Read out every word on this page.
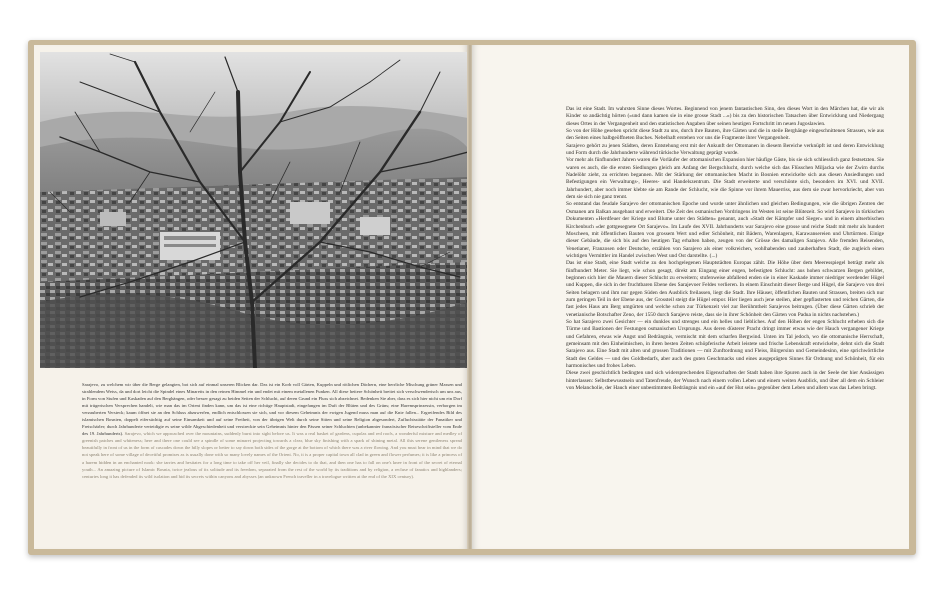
Sarajevo, zu welchem wir über die Berge gelangten, bot sich auf einmal unseren Blicken dar. Das ist ein Korb voll Gärten, Kuppeln und rötlichen Dächern, eine herrliche Mischung grüner Massen und strahlendem Weiss, da und dort leicht die Spindel eines Minaretts in den reinen Himmel ein und endet mit einem metallenen Funken. All diese heitere Schönheit breitet sich verschwenderisch um uns aus, in Form von Stufen und Kaskaden auf den Berghängen, oder besser gesagt zu beiden Seiten der Schlucht, auf deren Grund ein Fluss sich abzeichnet. Bedenken Sie aber, dass es sich hier nicht um ein Dorf mit trügerischen Versprechen handelt, wie man das im Orient finden kann, um das ist eine richtige Hauptstadt, eingefangen im Duft der Blüten und des Grüns; eine Haremsprinzessin, verborgen im verzauberten Versteck; kaum öffnet sie an den Schluss abzuwerfen, endlich entschlossen sie sich, und vor diesem Geheimnis der ewigen Jugend muss man auf die Knie fallen... Ergreifendes Bild des islamischen Bosnien, doppelt eifersüchtig auf seine Einsamkeit und auf seine Freiheit, von der übrigen Welt durch seine Sitten und seine Religion abgesondert, Zufluchtsstätte der Fanatiker und Freischärler; durch Jahrhunderte verteidigte es seine wilde Abgeschiedenheit und verstreckte sein Geheimnis hinter den Pässen seiner Schluchten (unbekannter französischer Reiseschriftsteller vom Ende des 19. Jahrhunderts). Sarajevo, which we approached over the mountains, suddenly burst into sight before us. It was a real basket of gardens, cupolas and red roofs, a wonderful mixture and medley of greenish patches and whiteness; here and there one could see a spindle of some minaret projecting towards a clear, blue sky finishing with a spark of shining metal. All this serene gentleness spread beautifully in front of us in the form of cascades down the hilly slopes or better to say down both sides of the gorge at the bottom of which there was a river flowing. And you must bear in mind that we do not speak here of some village of deceitful promises as is usually done with so many lovely names of the Orient. No, it is a proper capital town all clad in green and flower perfumes; it is like a princess of a harem hidden in an enchanted nook: she tarries and hesitates for a long time to take off her veil, finally she decides to do that, and then one has to fall on one's knee in front of the secret of eternal youth... An amazing picture of Islamic Bosnia, twice jealous of its solitude and its freedom, separated from the rest of the world by its traditions and by religion, a recluse of fanatics and highlanders; centuries long it has defended its wild isolation and hid its secrets within canyons and abysses (an unknown French traveller in a travelogue written at the end of the XIX century).

Das ist eine Stadt. Im wahrsten Sinne dieses Wortes. Beginnend von jenem fantastischen Sinn, den dieses Wort in den Märchen hat, die wir als Kinder so andächtig hörten (»und dann kamen sie in eine grosse Stadt ...«) bis zu den historischen Tatsachen über Entwicklung und Niedergang dieses Ortes in der Vergangenheit und den statistischen Angaben über seinen heutigen Fortschritt im neuen Jugoslawien.

So von der Höhe gesehen spricht diese Stadt zu uns, durch ihre Bauten, ihre Gärten und die in steile Berghänge eingeschnittenen Strassen, wie aus den Seiten eines halbgeöffneten Buches. Nebelhaft erstehen vor uns die Fragmente ihrer Vergangenheit.

Sarajevo gehört zu jenen Städten, deren Entstehung erst mit der Ankunft der Ottomanen in diesem Bereiche verknüpft ist und deren Entwicklung und Form durch die Jahrhunderte während türkische Verwaltung geprägt wurde.

Vor mehr als fünfhundert Jahren waren die Vorläufer der ottomanischen Expansion hier häufige Gäste, bis sie sich schliesslich ganz festsetzten. Sie waren es auch, die die ersten Siedlungen gleich am Anfang der Bergschlucht, durch welche sich das Flüsschen Miljacka wie der Zwirn durchs Nadelöhr zieht, zu errichten begannen. Mit der Stärkung der ottomanischen Macht in Bosnien entwickelte sich aus diesen Ansiedlungen und Befestigungen ein Verwaltungs-, Heeres- und Handelszentrum. Die Stadt erweiterte und verschönte sich, besonders im XVI. und XVII. Jahrhundert, aber noch immer klebte sie am Rande der Schlucht, wie die Spinne vor ihrem Mauerriss, aus dem sie zwar hervorkriecht, aber von dem sie sich nie ganz trennt.

So entstand das feudale Sarajevo der ottomanischen Epoche und wurde unter ähnlichen und gleichen Bedingungen, wie die übrigen Zentren der Osmanen am Balkan ausgebaut und erweitert. Die Zeit des osmanischen Vordringens im Westen ist seine Blütezeit. So wird Sarajevo in türkischen Dokumenten »Herdfeuer der Kriege und Blume unter den Städten« genannt, auch »Stadt der Kämpfer und Sieger« und in einem altserbischen Kirchenbuch »der gottgesegnete Ort Sarajevo«. Im Laufe des XVII. Jahrhunderts war Sarajevo eine grosse und reiche Stadt mit mehr als hundert Moscheen, mit öffentlichen Bauten von grossem Wert und edler Schönheit, mit Bädern, Warenlagern, Karawansereien und Uhrtürmen. Einige dieser Gebäude, die sich bis auf den heutigen Tag erhalten haben, zeugen von der Grösse des damaligen Sarajevo. Alle fremden Reisenden, Venetianer, Franzosen oder Deutsche, erzählen von Sarajevo als einer volkreichen, wohlhabenden und zauberhaften Stadt, die zugleich einen wichtigen Vermittler im Handel zwischen West und Ost darstellte. (...)

Das ist eine Stadt, eine Stadt welche zu den hochgelegenen Hauptstädten Europas zählt. Die Höhe über dem Meeresspiegel beträgt mehr als fünfhundert Meter. Sie liegt, wie schon gesagt, direkt am Eingang einer engen, befestigten Schlucht: aus hohen schwarzen Bergen gebildet, beginnen sich hier die Mauern dieser Schlucht zu erweitern; stufenweise abfallend enden sie in einer Kaskade immer niedriger werdender Hügel und Kuppen, die sich in der fruchtbaren Ebene des Sarajevoer Feldes verlieren. In einem Einschnitt dieser Berge und Hügel, die Sarajevo von drei Seiten belagern und ihm nur gegen Süden den Ausblick freilassen, liegt die Stadt. Ihre Häuser, öffentlichen Bauten und Strassen, breiten sich nur zum geringen Teil in der Ebene aus, der Grossteil steigt die Hügel empor. Hier liegen auch jene steilen, aber gepflasterten und reichen Gärten, die fast jedes Haus am Berg umgürten und welche schon zur Türkenzeit viel zur Berühmtheit Sarajevos beitrugen. (Über diese Gärten schrieb der venetianische Botschafter Zeno, der 1550 durch Sarajevo reiste, dass sie in ihrer Schönheit den Gärten von Padua in nichts nachstehen.)

So hat Sarajevo zwei Gesichter — ein dunkles und strenges und ein helles und liebliches. Auf den Höhen der engen Schlucht erheben sich die Türme und Bastionen der Festungen osmanischen Ursprungs. Aus deren düsterer Pracht dringt immer etwas wie der Hauch vergangener Kriege und Gefahren, etwas wie Angst und Bedrängnis, vermischt mit dem scharfen Bergwind. Unten im Tal jedoch, wo die ottomanische Herrschaft, gemeinsam mit den Einheimischen, in ihren besten Zeiten schöpferische Arbeit leistete und frische Lebenskraft entwickelte, dehnt sich die Stadt Sarajevo aus. Eine Stadt mit alten und grossen Traditionen — mit Zunftordnung und Fleiss, Bürgersinn und Gemeindesinn, eine sprichwörtliche Stadt des Geldes — und des Goldbedarfs, aber auch des guten Geschmacks und eines ausgeprägten Sinnes für Ordnung und Schönheit, für ein harmonisches und frohes Leben.

Diese zwei geschichtlich bedingten und sich widersprechenden Eigenschaften der Stadt haben ihre Spuren auch in der Seele der hier Ansässigen hinterlassen: Selbstbewusstsein und Tatenfreude, der Wunsch nach einem vollen Leben und einem weiten Ausblick, und über all dem ein Schleier von Melancholie, der Hauch einer unbestimmten Bedrängnis und ein »auf der Hut sein« gegenüber dem Leben und allem was das Leben bringt.
